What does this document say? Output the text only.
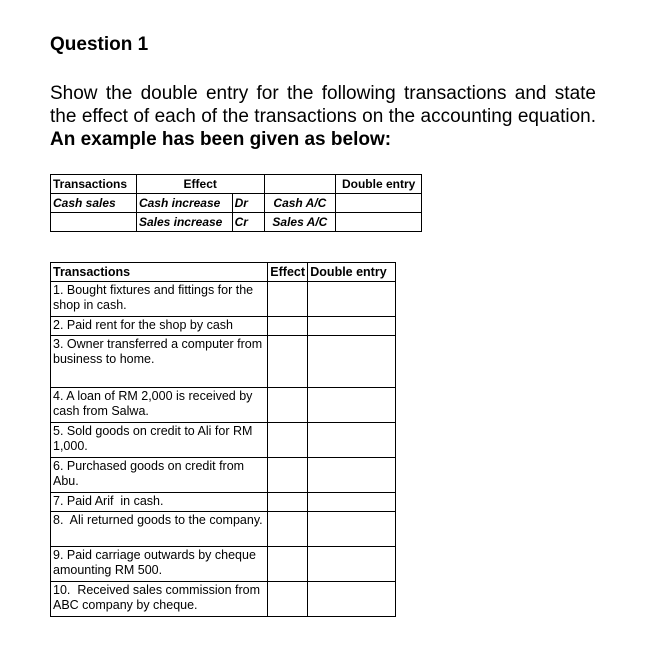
Question 1
Show the double entry for the following transactions and state the effect of each of the transactions on the accounting equation. An example has been given as below:
Transactions	Effect			Double entry
Cash sales	Cash increase	Dr	Cash A/C	
	Sales increase	Cr	Sales A/C	
Transactions	Effect	Double entry
1. Bought fixtures and fittings for the shop in cash.		
2. Paid rent for the shop by cash		
3. Owner transferred a computer from business to home.		
4. A loan of RM 2,000 is received by cash from Salwa.		
5. Sold goods on credit to Ali for RM 1,000.		
6. Purchased goods on credit from Abu.		
7. Paid Arif  in cash.		
8.  Ali returned goods to the company.		
9. Paid carriage outwards by cheque amounting RM 500.		
10.  Received sales commission from ABC company by cheque.		
